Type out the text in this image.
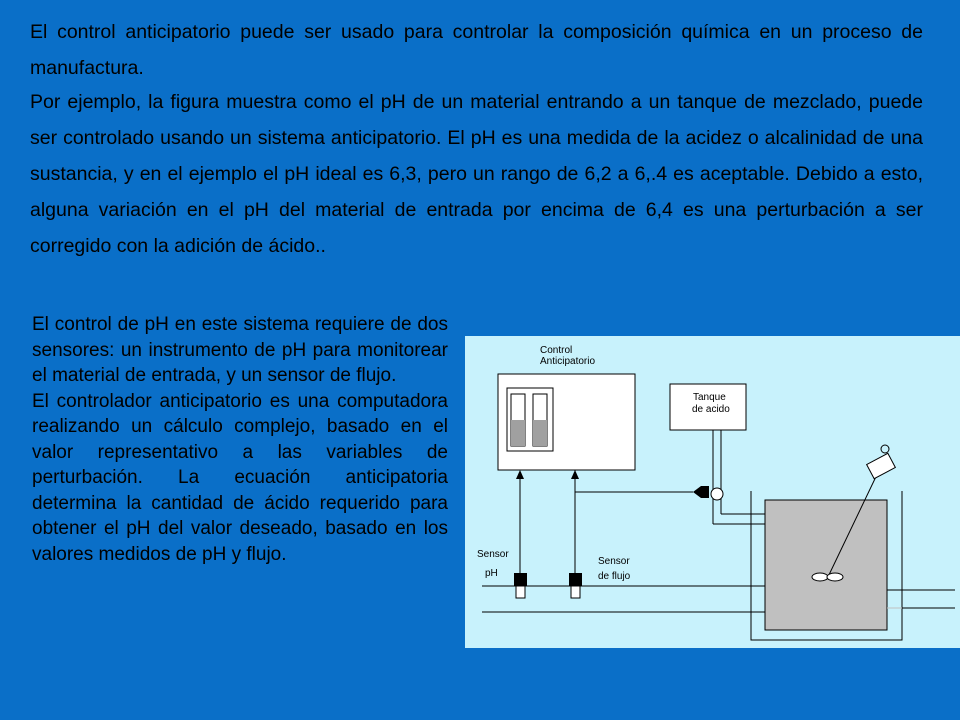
El control anticipatorio puede ser usado para controlar la composición química en un proceso de manufactura.

Por ejemplo, la figura muestra como el pH de un material entrando a un tanque de mezclado, puede ser controlado usando un sistema anticipatorio. El pH es una medida de la acidez o alcalinidad de una sustancia, y en el ejemplo el pH ideal es 6,3, pero un rango de 6,2 a 6,.4 es aceptable. Debido a esto, alguna variación en el pH del material de entrada por encima de 6,4 es una perturbación a ser corregido con la adición de ácido..

El control de pH en este sistema requiere de dos sensores: un instrumento de pH para monitorear el material de entrada, y un sensor de flujo.

El controlador anticipatorio es una computadora realizando un cálculo complejo, basado en el valor representativo a las variables de perturbación. La ecuación anticipatoria determina la cantidad de ácido requerido para obtener el pH del valor deseado, basado en los valores medidos de pH y flujo.

Control
Anticipatorio
Tanque
de acido
Sensor
pH
Sensor
de flujo
